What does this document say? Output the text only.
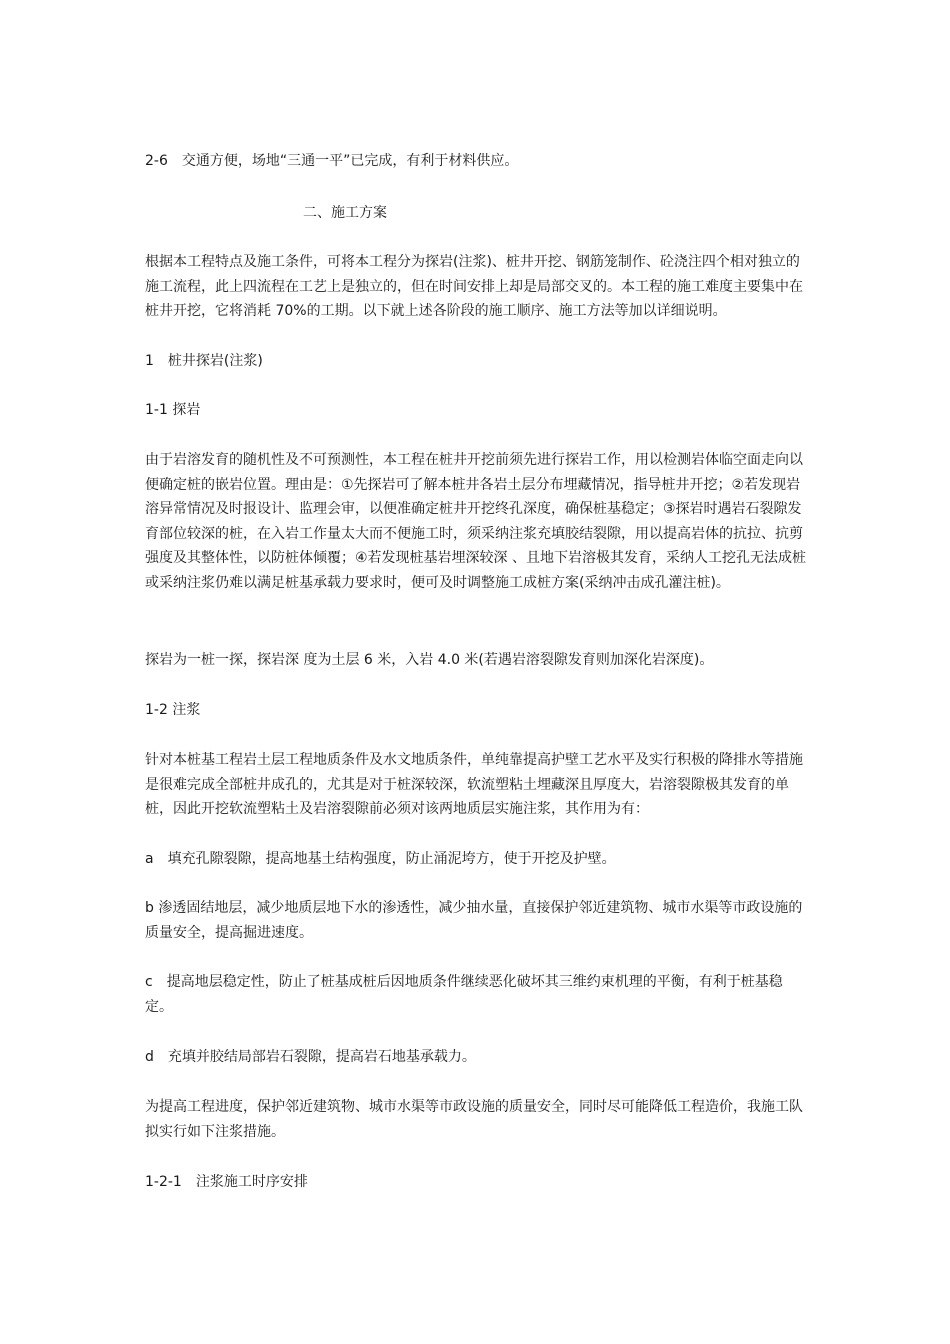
2-6　交通方便，场地“三通一平”已完成，有利于材料供应。

二、施工方案

根据本工程特点及施工条件，可将本工程分为探岩(注浆)、桩井开挖、钢筋笼制作、砼浇注四个相对独立的施工流程，此上四流程在工艺上是独立的，但在时间安排上却是局部交叉的。本工程的施工难度主要集中在桩井开挖，它将消耗 70%的工期。以下就上述各阶段的施工顺序、施工方法等加以详细说明。

1　桩井探岩(注浆)

1-1 探岩

由于岩溶发育的随机性及不可预测性，本工程在桩井开挖前须先进行探岩工作，用以检测岩体临空面走向以便确定桩的嵌岩位置。理由是：①先探岩可了解本桩井各岩土层分布埋藏情况，指导桩井开挖；②若发现岩溶异常情况及时报设计、监理会审，以便准确定桩井开挖终孔深度，确保桩基稳定；③探岩时遇岩石裂隙发育部位较深的桩，在入岩工作量太大而不便施工时，须采纳注浆充填胶结裂隙，用以提高岩体的抗拉、抗剪强度及其整体性，以防桩体倾覆；④若发现桩基岩埋深较深 、且地下岩溶极其发育，采纳人工挖孔无法成桩或采纳注浆仍难以满足桩基承载力要求时，便可及时调整施工成桩方案(采纳冲击成孔灌注桩)。

探岩为一桩一探，探岩深 度为土层 6 米，入岩 4.0 米(若遇岩溶裂隙发育则加深化岩深度)。

1-2 注浆

针对本桩基工程岩土层工程地质条件及水文地质条件，单纯靠提高护壁工艺水平及实行积极的降排水等措施是很难完成全部桩井成孔的，尤其是对于桩深较深，软流塑粘土埋藏深且厚度大，岩溶裂隙极其发育的单桩，因此开挖软流塑粘土及岩溶裂隙前必须对该两地质层实施注浆，其作用为有：

a　填充孔隙裂隙，提高地基土结构强度，防止涌泥垮方，使于开挖及护壁。

b 渗透固结地层，减少地质层地下水的渗透性，减少抽水量，直接保护邻近建筑物、城市水渠等市政设施的质量安全，提高掘进速度。

c　提高地层稳定性，防止了桩基成桩后因地质条件继续恶化破坏其三维约束机理的平衡，有利于桩基稳定。

d　充填并胶结局部岩石裂隙，提高岩石地基承载力。

为提高工程进度，保护邻近建筑物、城市水渠等市政设施的质量安全，同时尽可能降低工程造价，我施工队拟实行如下注浆措施。

1-2-1　注浆施工时序安排
